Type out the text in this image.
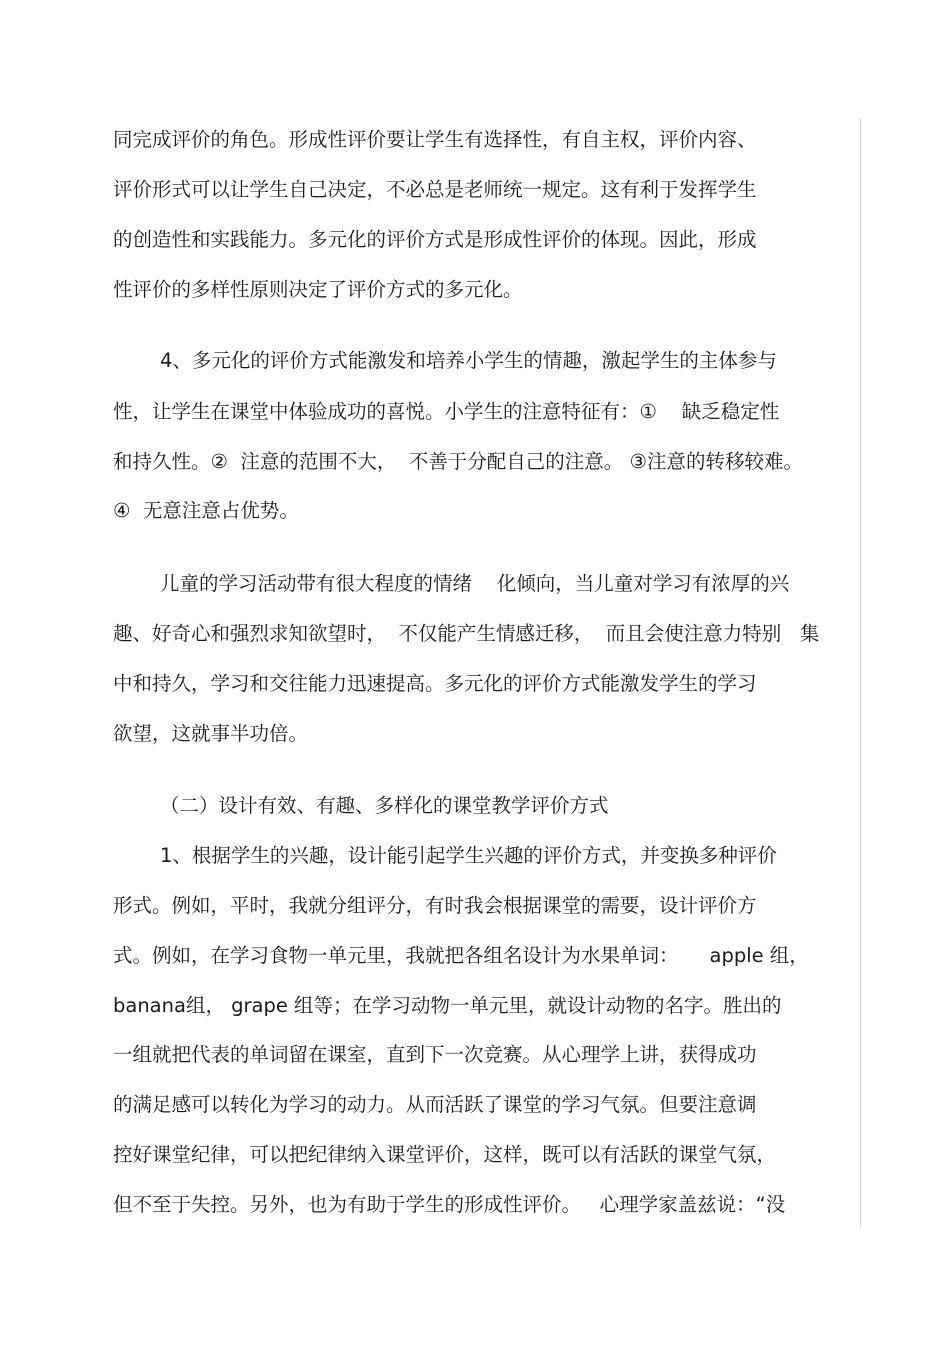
同完成评价的角色。形成性评价要让学生有选择性，有自主权，评价内容、
评价形式可以让学生自己决定，不必总是老师统一规定。这有利于发挥学生
的创造性和实践能力。多元化的评价方式是形成性评价的体现。因此，形成
性评价的多样性原则决定了评价方式的多元化。
4、多元化的评价方式能激发和培养小学生的情趣，激起学生的主体参与
性，让学生在课堂中体验成功的喜悦。小学生的注意特征有：①    缺乏稳定性
和持久性。②  注意的范围不大，  不善于分配自己的注意。 ③注意的转移较难。
④  无意注意占优势。
儿童的学习活动带有很大程度的情绪    化倾向，当儿童对学习有浓厚的兴
趣、好奇心和强烈求知欲望时，  不仅能产生情感迁移，  而且会使注意力特别   集
中和持久，学习和交往能力迅速提高。多元化的评价方式能激发学生的学习
欲望，这就事半功倍。
（二）设计有效、有趣、多样化的课堂教学评价方式
1、根据学生的兴趣，设计能引起学生兴趣的评价方式，并变换多种评价
形式。例如，平时，我就分组评分，有时我会根据课堂的需要，设计评价方
式。例如，在学习食物一单元里，我就把各组名设计为水果单词：     apple 组，
banana组， grape 组等；在学习动物一单元里，就设计动物的名字。胜出的
一组就把代表的单词留在课室，直到下一次竞赛。从心理学上讲，获得成功
的满足感可以转化为学习的动力。从而活跃了课堂的学习气氛。但要注意调
控好课堂纪律，可以把纪律纳入课堂评价，这样，既可以有活跃的课堂气氛，
但不至于失控。另外，也为有助于学生的形成性评价。   心理学家盖兹说：“没
